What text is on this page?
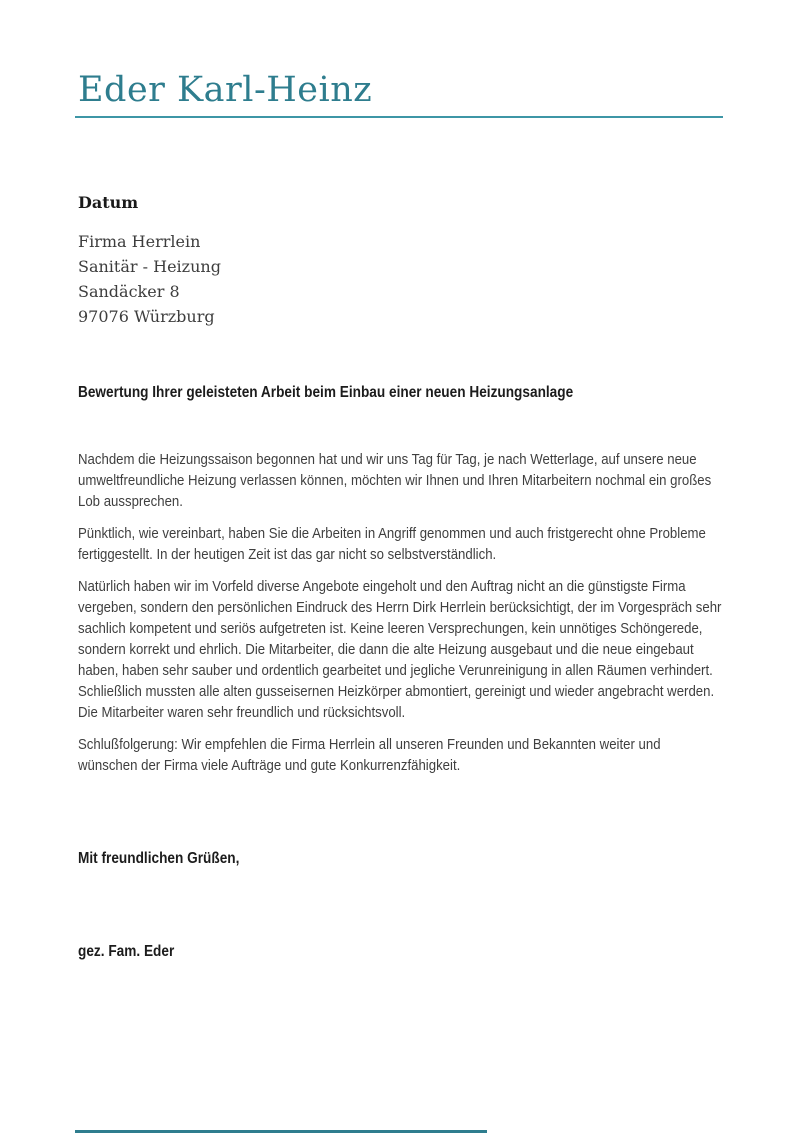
Eder Karl-Heinz
Datum
Firma Herrlein
Sanitär - Heizung
Sandäcker 8
97076 Würzburg
Bewertung Ihrer geleisteten Arbeit beim Einbau einer neuen Heizungsanlage

Nachdem die Heizungssaison begonnen hat und wir uns Tag für Tag, je nach Wetterlage, auf unsere neue umweltfreundliche Heizung verlassen können, möchten wir Ihnen und Ihren Mitarbeitern nochmal ein großes Lob aussprechen.

Pünktlich, wie vereinbart, haben Sie die Arbeiten in Angriff genommen und auch fristgerecht ohne Probleme fertiggestellt. In der heutigen Zeit ist das gar nicht so selbstverständlich.

Natürlich haben wir im Vorfeld diverse Angebote eingeholt und den Auftrag nicht an die günstigste Firma vergeben, sondern den persönlichen Eindruck des Herrn Dirk Herrlein berücksichtigt, der im Vorgespräch sehr sachlich kompetent und seriös aufgetreten ist. Keine leeren Versprechungen, kein unnötiges Schöngerede, sondern korrekt und ehrlich. Die Mitarbeiter, die dann die alte Heizung ausgebaut und die neue eingebaut haben, haben sehr sauber und ordentlich gearbeitet und jegliche Verunreinigung in allen Räumen verhindert. Schließlich mussten alle alten gusseisernen Heizkörper abmontiert, gereinigt und wieder angebracht werden. Die Mitarbeiter waren sehr freundlich und rücksichtsvoll.

Schlußfolgerung: Wir empfehlen die Firma Herrlein all unseren Freunden und Bekannten weiter und wünschen der Firma viele Aufträge und gute Konkurrenzfähigkeit.

Mit freundlichen Grüßen,
gez. Fam. Eder
